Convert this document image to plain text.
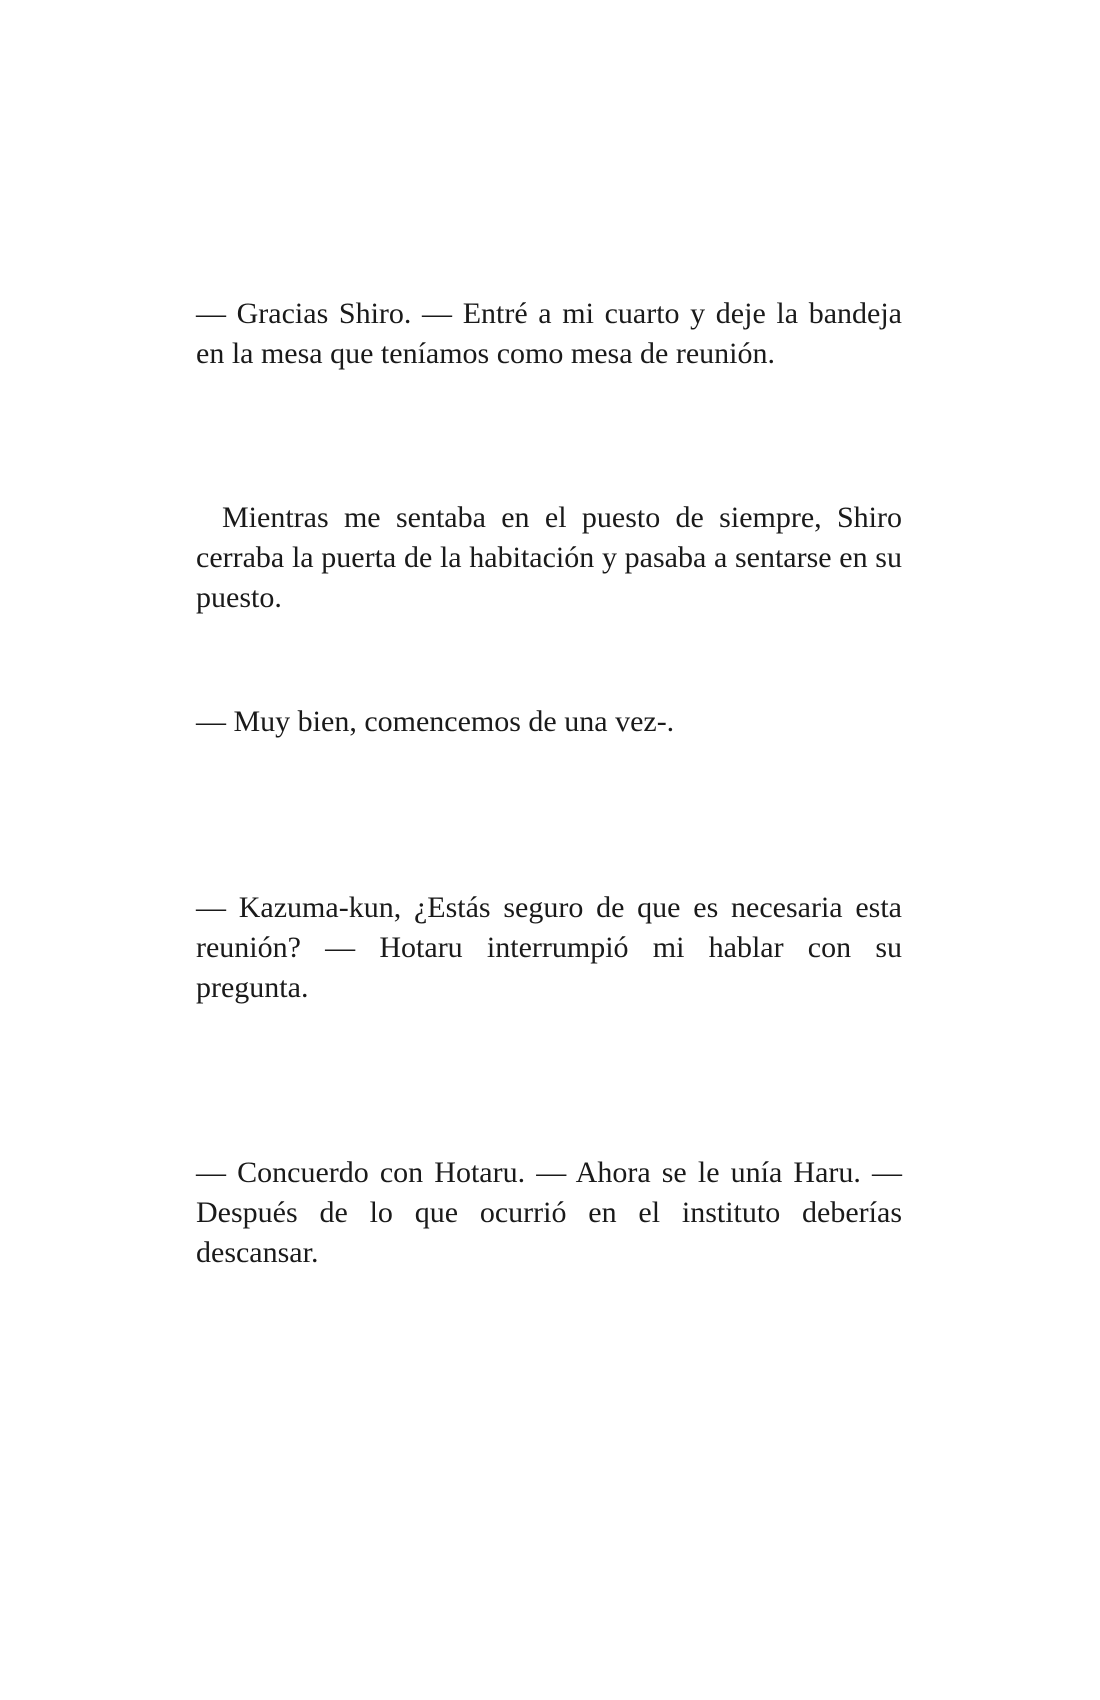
— Gracias Shiro. — Entré a mi cuarto y deje la bandeja en la mesa que teníamos como mesa de reunión.

Mientras me sentaba en el puesto de siempre, Shiro cerraba la puerta de la habitación y pasaba a sentarse en su puesto.

— Muy bien, comencemos de una vez-.

— Kazuma-kun, ¿Estás seguro de que es necesaria esta reunión? — Hotaru interrumpió mi hablar con su pregunta.

— Concuerdo con Hotaru. — Ahora se le unía Haru. — Después de lo que ocurrió en el instituto deberías descansar.
